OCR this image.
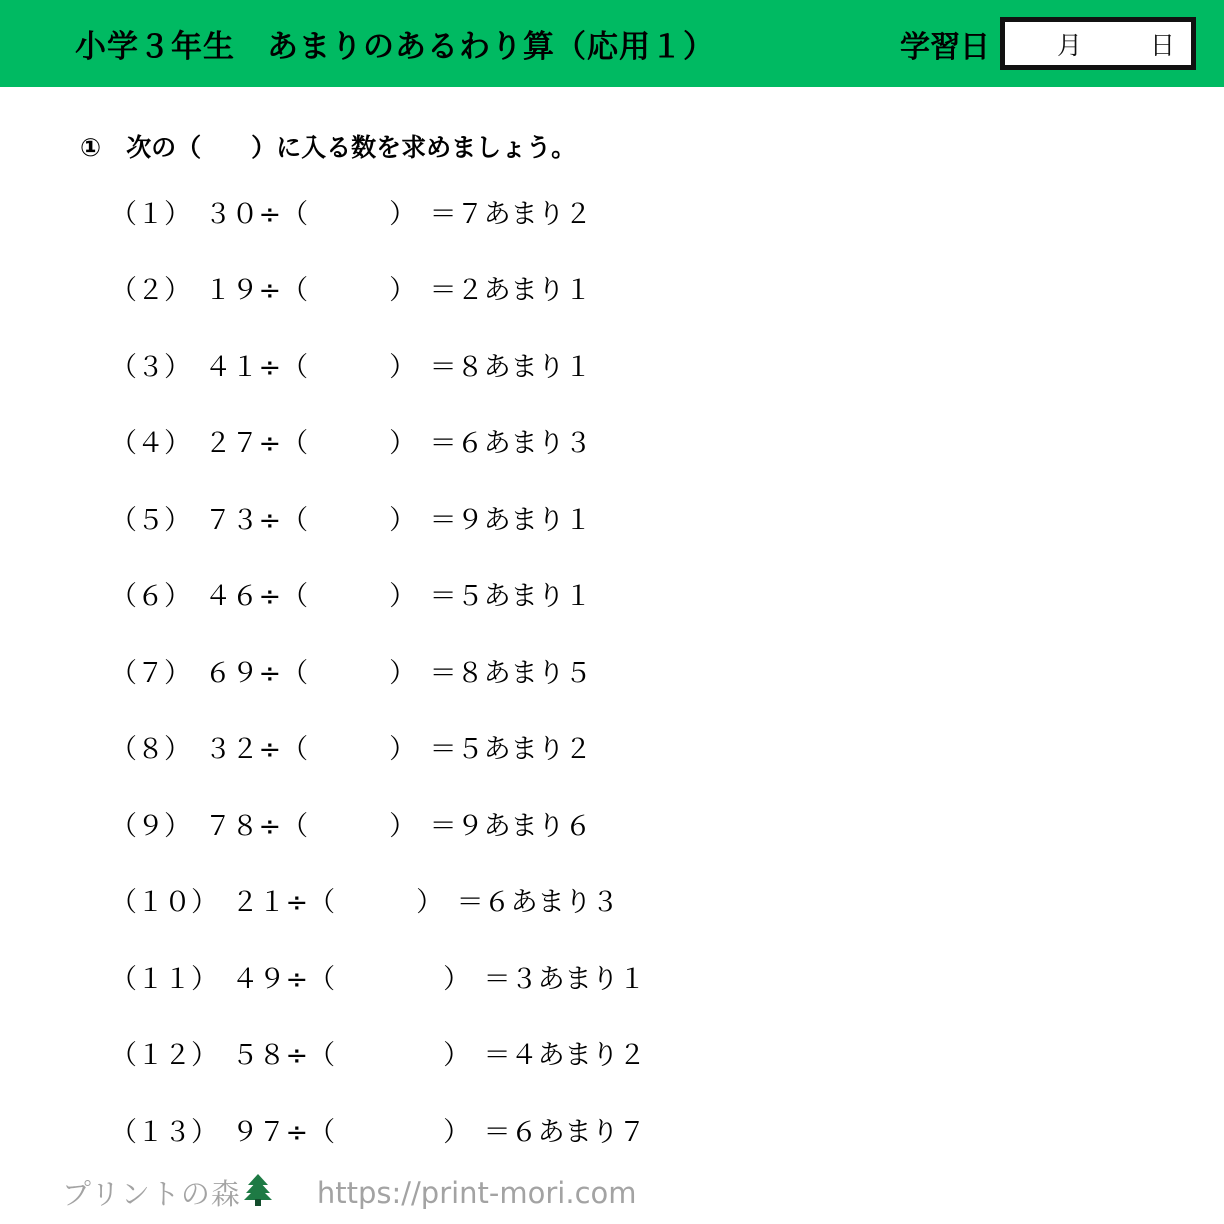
小学３年生　あまりのあるわり算（応用１）	学習日	月	日
①　次の（　　）に入る数を求めましょう。
（１）　３０÷（　　　）　＝７あまり２
（２）　１９÷（　　　）　＝２あまり１
（３）　４１÷（　　　）　＝８あまり１
（４）　２７÷（　　　）　＝６あまり３
（５）　７３÷（　　　）　＝９あまり１
（６）　４６÷（　　　）　＝５あまり１
（７）　６９÷（　　　）　＝８あまり５
（８）　３２÷（　　　）　＝５あまり２
（９）　７８÷（　　　）　＝９あまり６
（１０）　２１÷（　　　）　＝６あまり３
（１１）　４９÷（　　　　）　＝３あまり１
（１２）　５８÷（　　　　）　＝４あまり２
（１３）　９７÷（　　　　）　＝６あまり７
プリントの森	https://print-mori.com
